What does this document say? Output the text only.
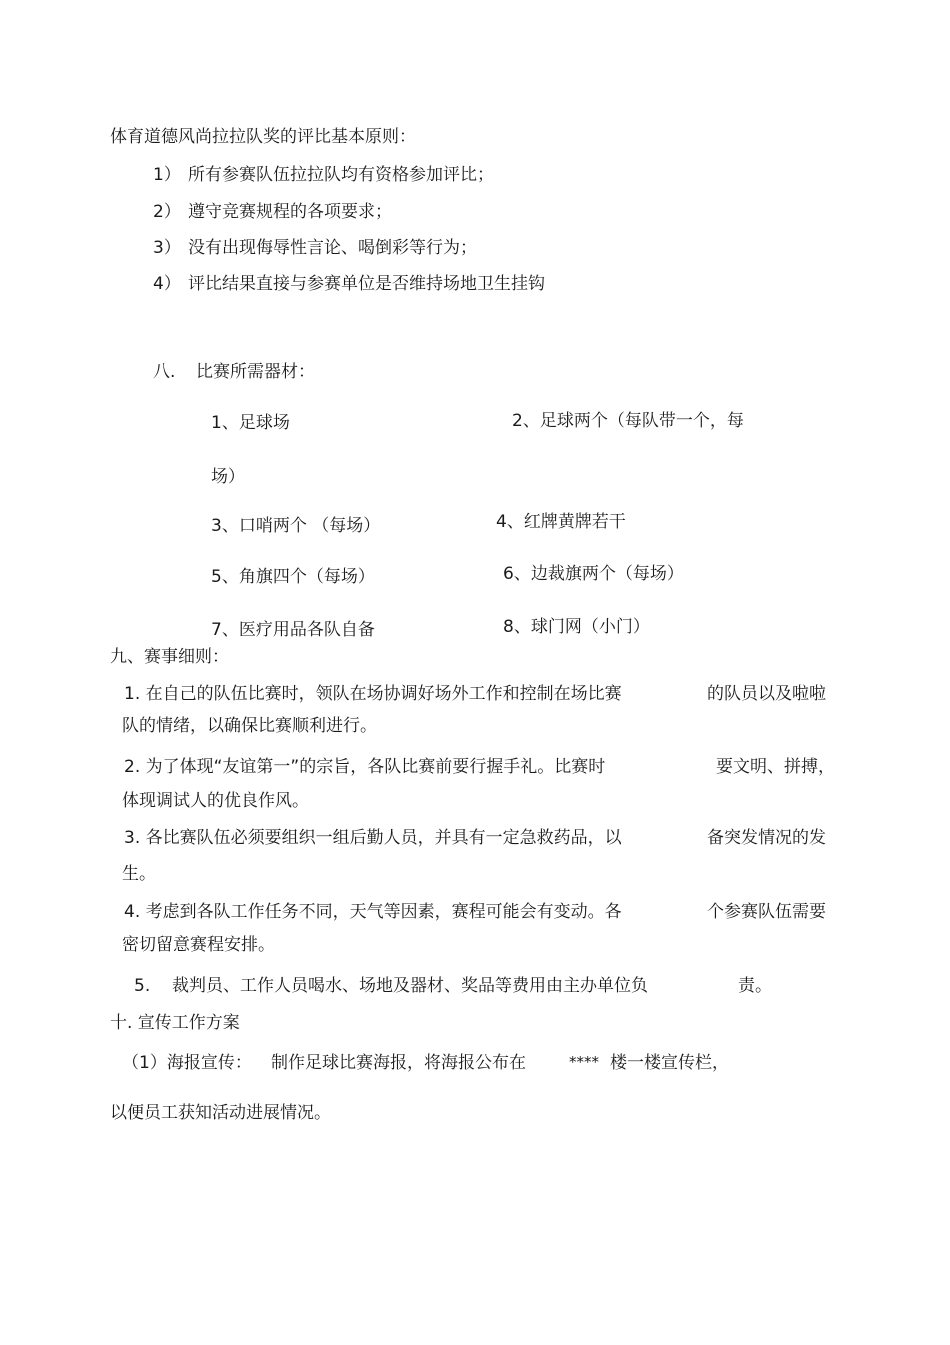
体育道德风尚拉拉队奖的评比基本原则：
1） 所有参赛队伍拉拉队均有资格参加评比；
2） 遵守竞赛规程的各项要求；
3） 没有出现侮辱性言论、喝倒彩等行为；
4） 评比结果直接与参赛单位是否维持场地卫生挂钩
八. 比赛所需器材：
1、足球场	2、足球两个（每队带一个，每
场）
3、口哨两个 （每场）	4、红牌黄牌若干
5、角旗四个（每场）	6、边裁旗两个（每场）
7、医疗用品各队自备	8、球门网（小门）
九、赛事细则：
1. 在自己的队伍比赛时，领队在场协调好场外工作和控制在场比赛	的队员以及啦啦
队的情绪，以确保比赛顺利进行。
2. 为了体现“友谊第一”的宗旨，各队比赛前要行握手礼。比赛时	要文明、拼搏，
体现调试人的优良作风。
3. 各比赛队伍必须要组织一组后勤人员，并具有一定急救药品，以	备突发情况的发
生。
4. 考虑到各队工作任务不同，天气等因素，赛程可能会有变动。各	个参赛队伍需要
密切留意赛程安排。
5. 裁判员、工作人员喝水、场地及器材、奖品等费用由主办单位负	责。
十. 宣传工作方案
（1）海报宣传： 制作足球比赛海报，将海报公布在	**** 楼一楼宣传栏，
以便员工获知活动进展情况。
